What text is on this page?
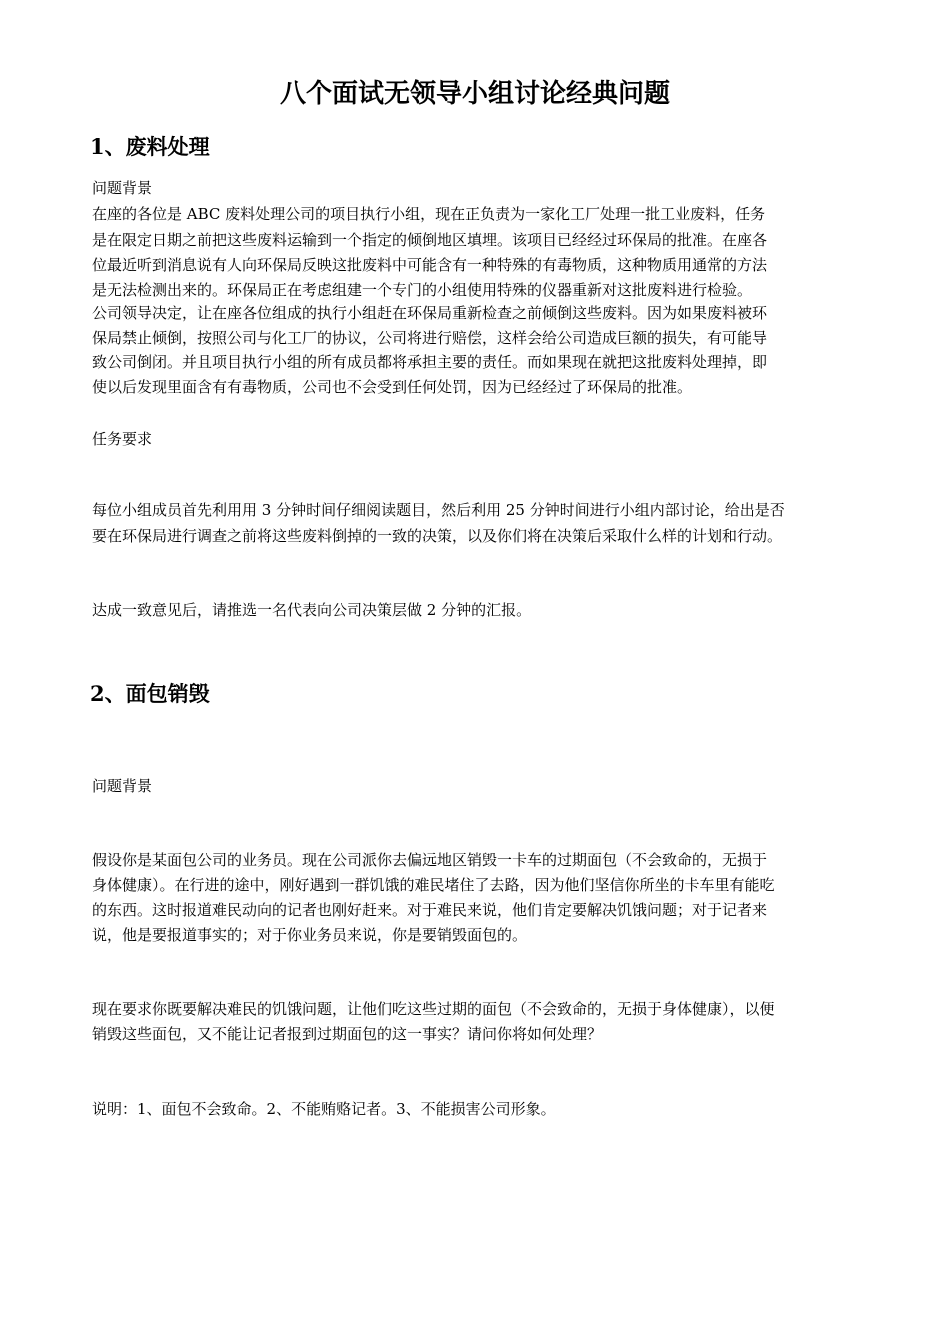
八个面试无领导小组讨论经典问题
1、废料处理
问题背景
在座的各位是 ABC 废料处理公司的项目执行小组，现在正负责为一家化工厂处理一批工业废料，任务
是在限定日期之前把这些废料运输到一个指定的倾倒地区填埋。该项目已经经过环保局的批准。在座各
位最近听到消息说有人向环保局反映这批废料中可能含有一种特殊的有毒物质，这种物质用通常的方法
是无法检测出来的。环保局正在考虑组建一个专门的小组使用特殊的仪器重新对这批废料进行检验。
公司领导决定，让在座各位组成的执行小组赶在环保局重新检查之前倾倒这些废料。因为如果废料被环
保局禁止倾倒，按照公司与化工厂的协议，公司将进行赔偿，这样会给公司造成巨额的损失，有可能导
致公司倒闭。并且项目执行小组的所有成员都将承担主要的责任。而如果现在就把这批废料处理掉，即
使以后发现里面含有有毒物质，公司也不会受到任何处罚，因为已经经过了环保局的批准。
任务要求
每位小组成员首先利用用 3 分钟时间仔细阅读题目，然后利用 25 分钟时间进行小组内部讨论，给出是否
要在环保局进行调查之前将这些废料倒掉的一致的决策，以及你们将在决策后采取什么样的计划和行动。
达成一致意见后，请推选一名代表向公司决策层做 2 分钟的汇报。
2、面包销毁
问题背景
假设你是某面包公司的业务员。现在公司派你去偏远地区销毁一卡车的过期面包（不会致命的，无损于
身体健康）。在行进的途中，刚好遇到一群饥饿的难民堵住了去路，因为他们坚信你所坐的卡车里有能吃
的东西。这时报道难民动向的记者也刚好赶来。对于难民来说，他们肯定要解决饥饿问题；对于记者来
说，他是要报道事实的；对于你业务员来说，你是要销毁面包的。
现在要求你既要解决难民的饥饿问题，让他们吃这些过期的面包（不会致命的，无损于身体健康），以便
销毁这些面包，又不能让记者报到过期面包的这一事实？请问你将如何处理？
说明：1、面包不会致命。2、不能贿赂记者。3、不能损害公司形象。
